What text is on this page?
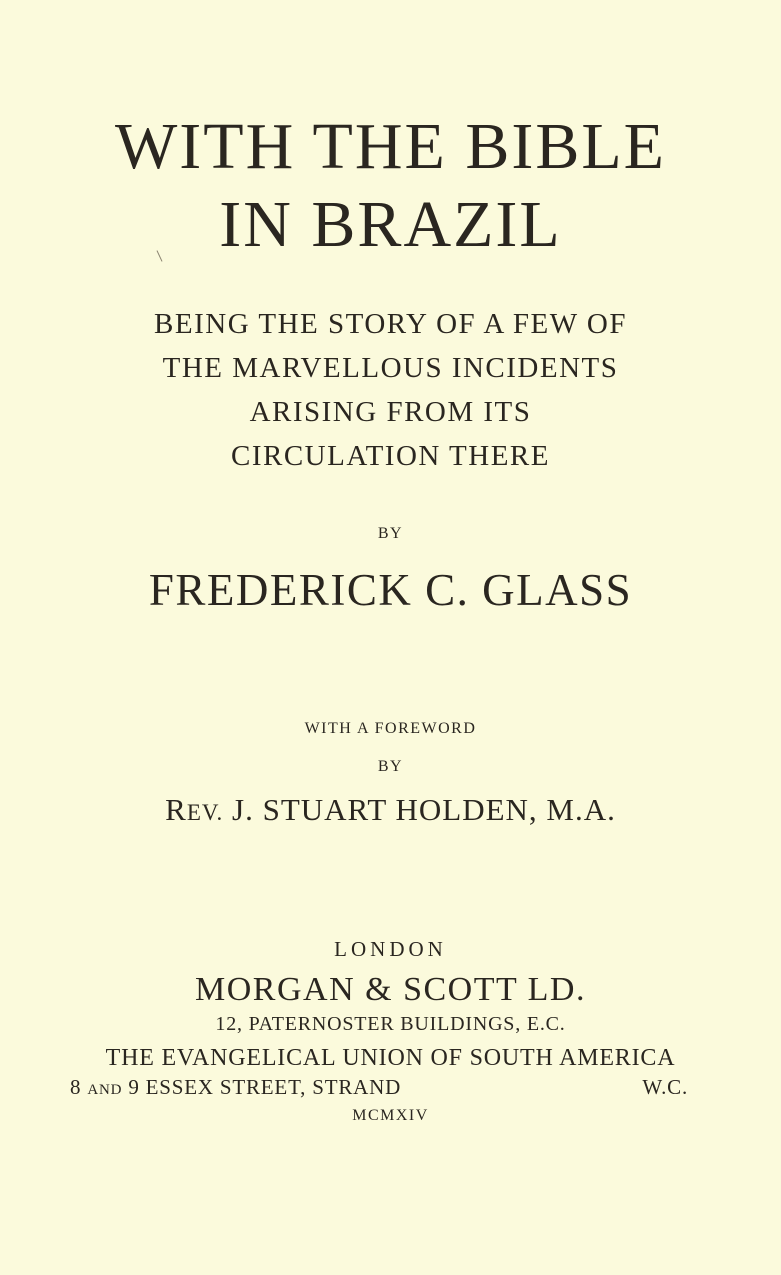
WITH THE BIBLE
IN BRAZIL
BEING THE STORY OF A FEW OF
THE MARVELLOUS INCIDENTS
ARISING FROM ITS
CIRCULATION THERE
BY
FREDERICK C. GLASS
WITH A FOREWORD
BY
REV. J. STUART HOLDEN, M.A.
LONDON
MORGAN & SCOTT LD.
12, PATERNOSTER BUILDINGS, E.C.
THE EVANGELICAL UNION OF SOUTH AMERICA
8 AND 9 ESSEX STREET, STRAND	W.C.
MCMXIV
